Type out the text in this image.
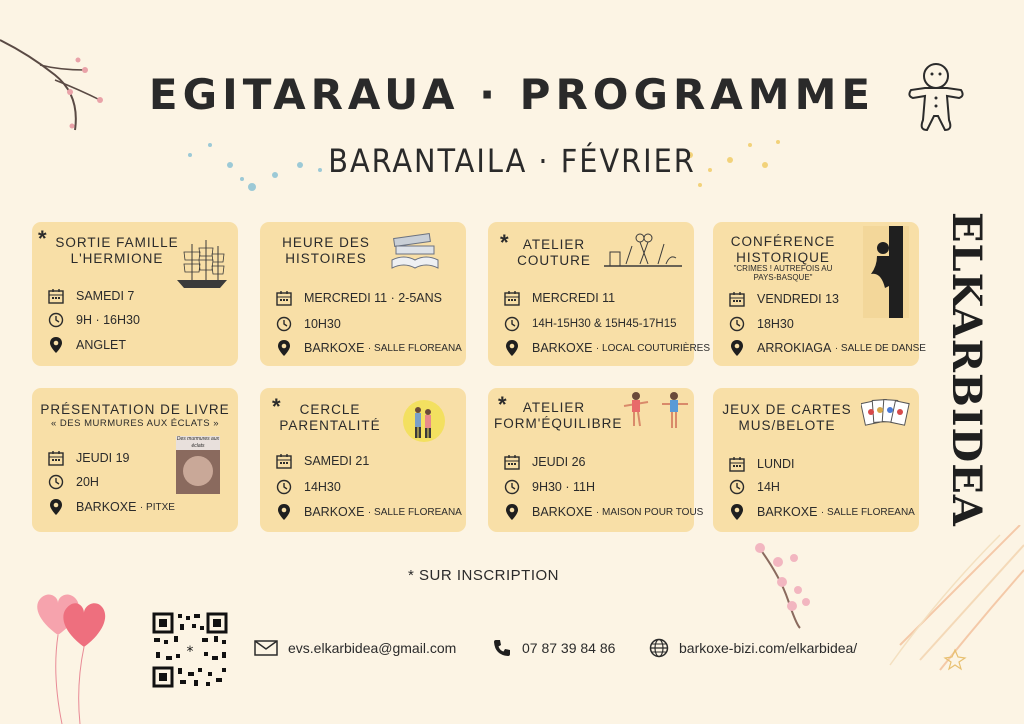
EGITARAUA · PROGRAMME
BARANTAILA · FÉVRIER
ELKARBIDEA
* SORTIE FAMILLE L'HERMIONE
SAMEDI 7
9H · 16H30
ANGLET

HEURE DES HISTOIRES
MERCREDI 11 · 2-5ANS
10H30
BARKOXE
· SALLE FLOREANA
*	ATELIER COUTURE
MERCREDI 11
14H-15H30 & 15H45-17H15
BARKOXE
· LOCAL COUTURIÈRES
CONFÉRENCE HISTORIQUE
"CRIMES ! AUTREFOIS AU PAYS-BASQUE"
VENDREDI 13
18H30
ARROKIAGA
· SALLE DE DANSE
PRÉSENTATION DE LIVRE
« DES MURMURES AUX ÉCLATS »
Des murmures aux éclats
JEUDI 19
20H
BARKOXE
· PITXE
*	CERCLE PARENTALITÉ
SAMEDI 21
14H30
BARKOXE
· SALLE FLOREANA
*	ATELIER FORM'ÉQUILIBRE
JEUDI 26
9H30 · 11H
BARKOXE
· MAISON POUR TOUS
JEUX DE CARTES MUS/BELOTE
LUNDI
14H
BARKOXE
· SALLE FLOREANA
* SUR INSCRIPTION
*	evs.elkarbidea@gmail.com	07 87 39 84 86	barkoxe-bizi.com/elkarbidea/
